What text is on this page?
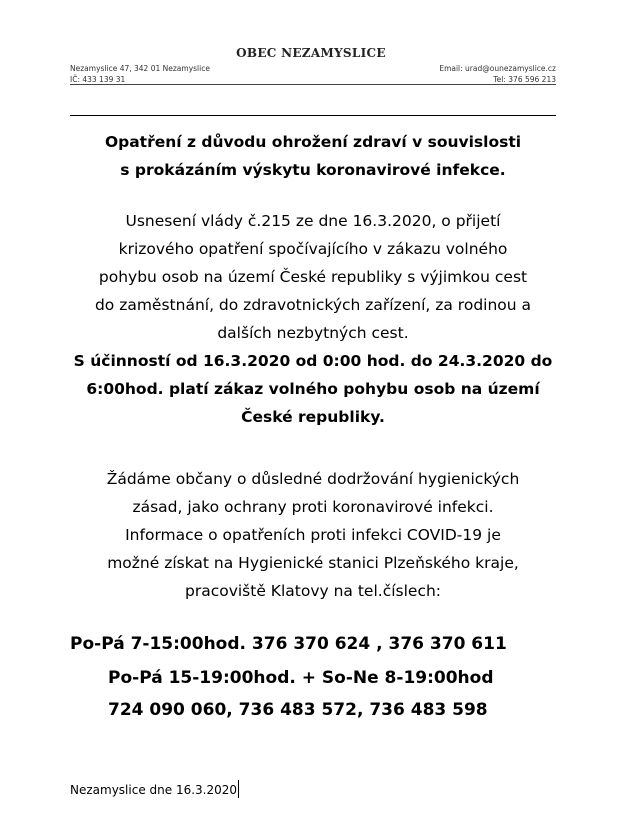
OBEC NEZAMYSLICE
Nezamyslice 47, 342 01 Nezamyslice
IČ: 433 139 31
Email: urad@ounezamyslice.cz
Tel: 376 596 213
Opatření z důvodu ohrožení zdraví v souvislosti
s prokázáním výskytu koronavirové infekce.
Usnesení vlády č.215 ze dne 16.3.2020, o přijetí
krizového opatření spočívajícího v zákazu volného
pohybu osob na území České republiky s výjimkou cest
do zaměstnání, do zdravotnických zařízení, za rodinou a
dalších nezbytných cest.
S účinností od 16.3.2020 od 0:00 hod. do 24.3.2020 do
6:00hod. platí zákaz volného pohybu osob na území
České republiky.
Žádáme občany o důsledné dodržování hygienických
zásad, jako ochrany proti koronavirové infekci.
Informace o opatřeních proti infekci COVID-19 je
možné získat na Hygienické stanici Plzeňského kraje,
pracoviště Klatovy na tel.číslech:
Po-Pá 7-15:00hod. 376 370 624 , 376 370 611
Po-Pá 15-19:00hod. + So-Ne 8-19:00hod
724 090 060, 736 483 572, 736 483 598
Nezamyslice dne 16.3.2020
